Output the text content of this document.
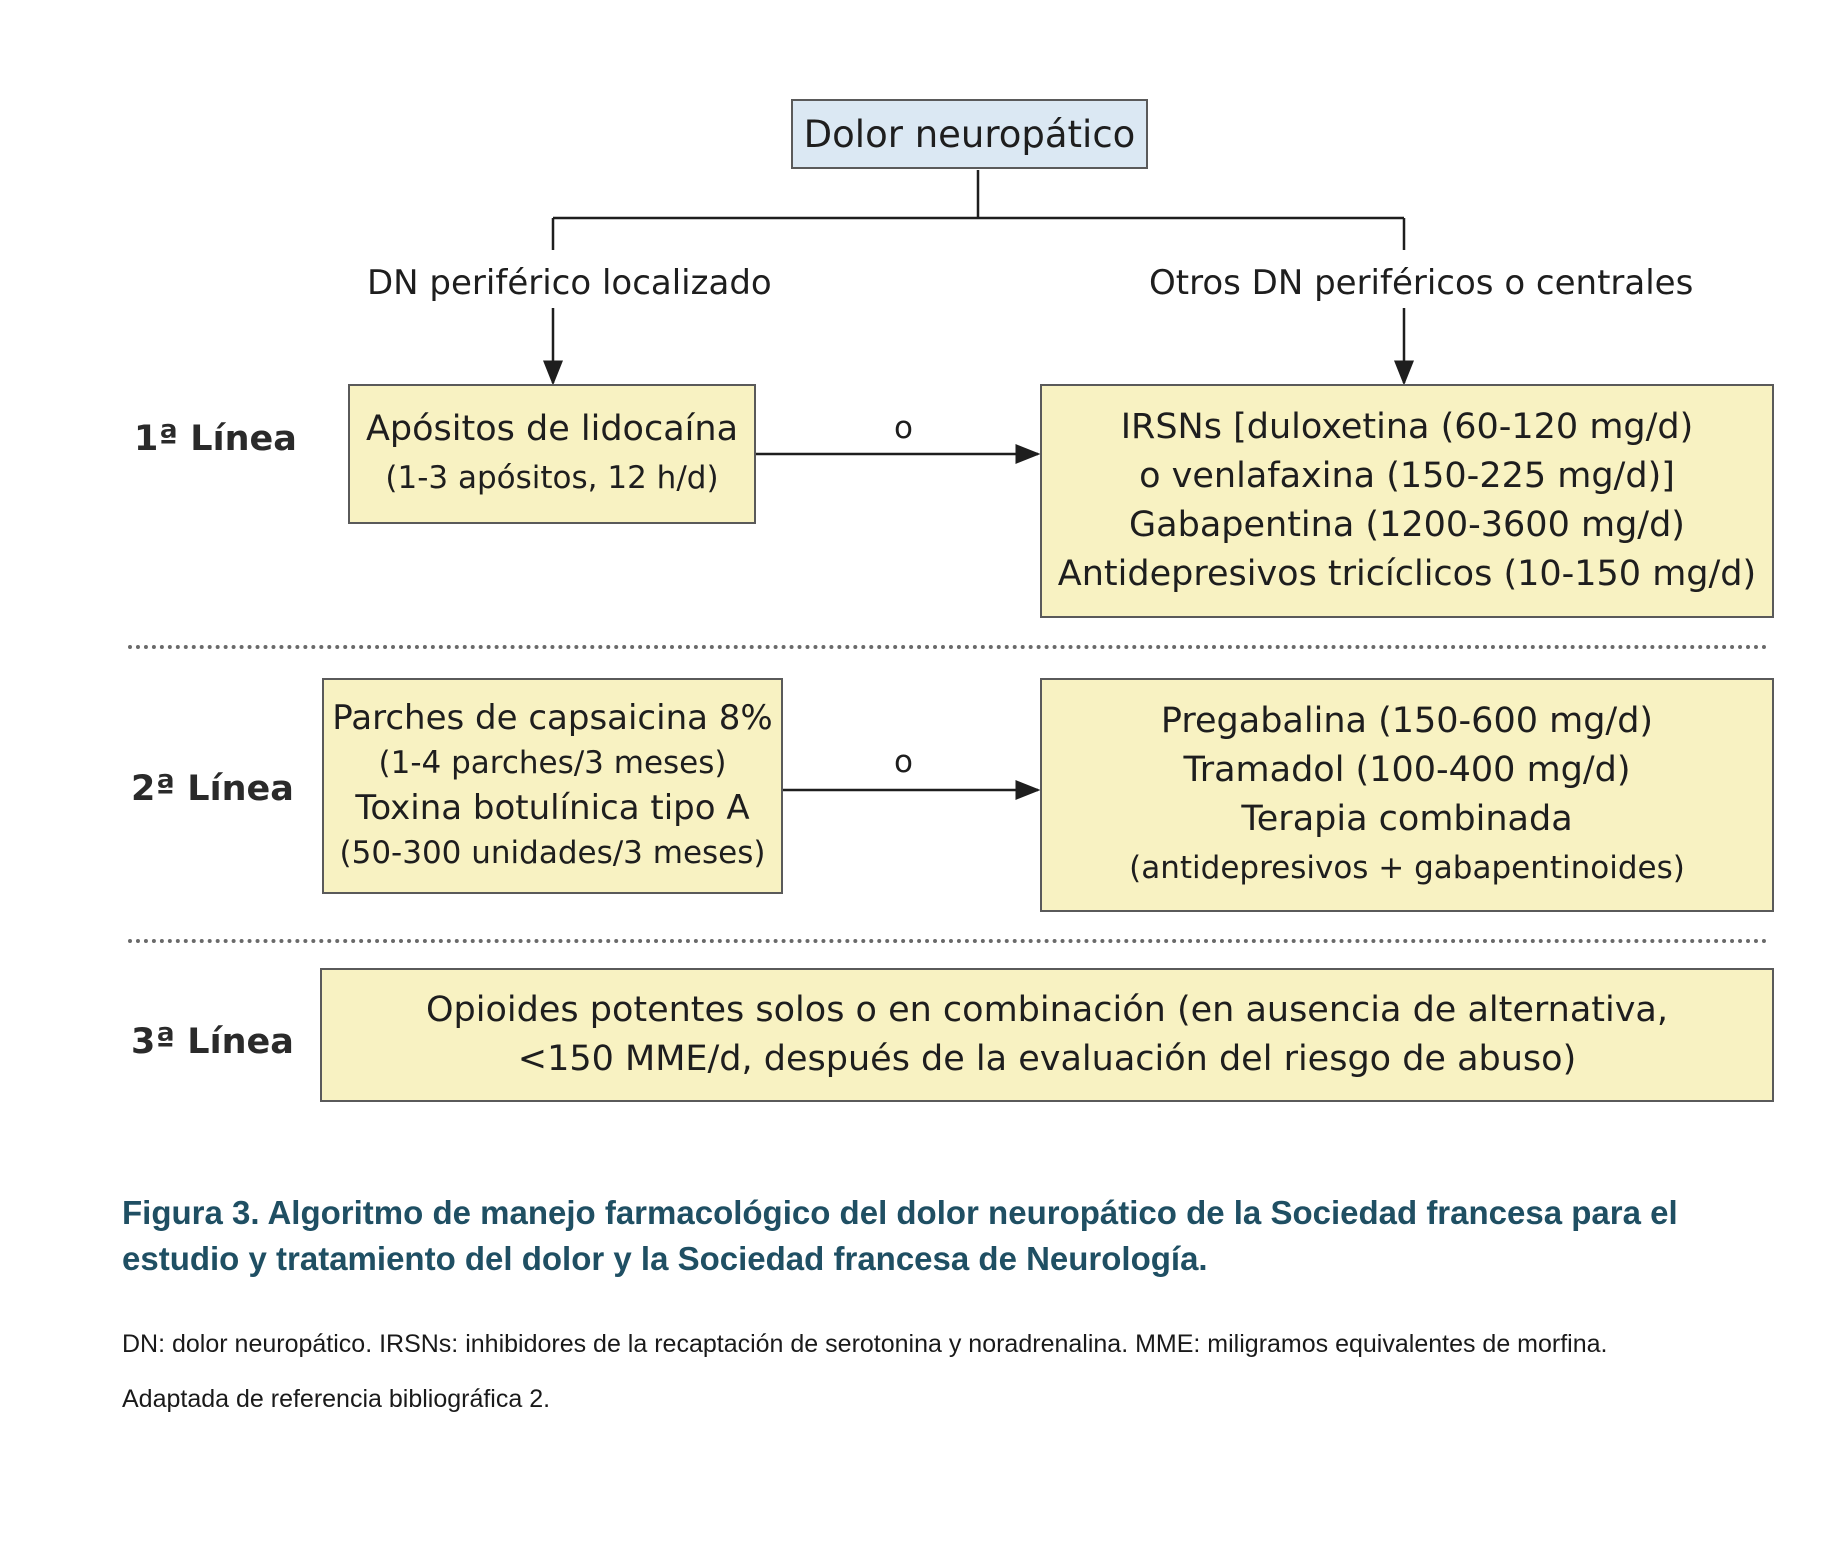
Dolor neuropático
DN periférico localizado	Otros DN periféricos o centrales
1ª Línea Apósitos de lidocaína
(1-3 apósitos, 12 h/d)
o	IRSNs [duloxetina (60-120 mg/d)
o venlafaxina (150-225 mg/d)]
Gabapentina (1200-3600 mg/d)
Antidepresivos tricíclicos (10-150 mg/d)
2ª Línea
Parches de capsaicina 8%
(1-4 parches/3 meses)
Toxina botulínica tipo A
(50-300 unidades/3 meses)
o
Pregabalina (150-600 mg/d)
Tramadol (100-400 mg/d)
Terapia combinada
(antidepresivos + gabapentinoides)
3ª Línea
Opioides potentes solos o en combinación (en ausencia de alternativa,
<150 MME/d, después de la evaluación del riesgo de abuso)
Figura 3. Algoritmo de manejo farmacológico del dolor neuropático de la Sociedad francesa para el estudio y tratamiento del dolor y la Sociedad francesa de Neurología.
DN: dolor neuropático. IRSNs: inhibidores de la recaptación de serotonina y noradrenalina. MME: miligramos equivalentes de morfina.
Adaptada de referencia bibliográfica 2.
